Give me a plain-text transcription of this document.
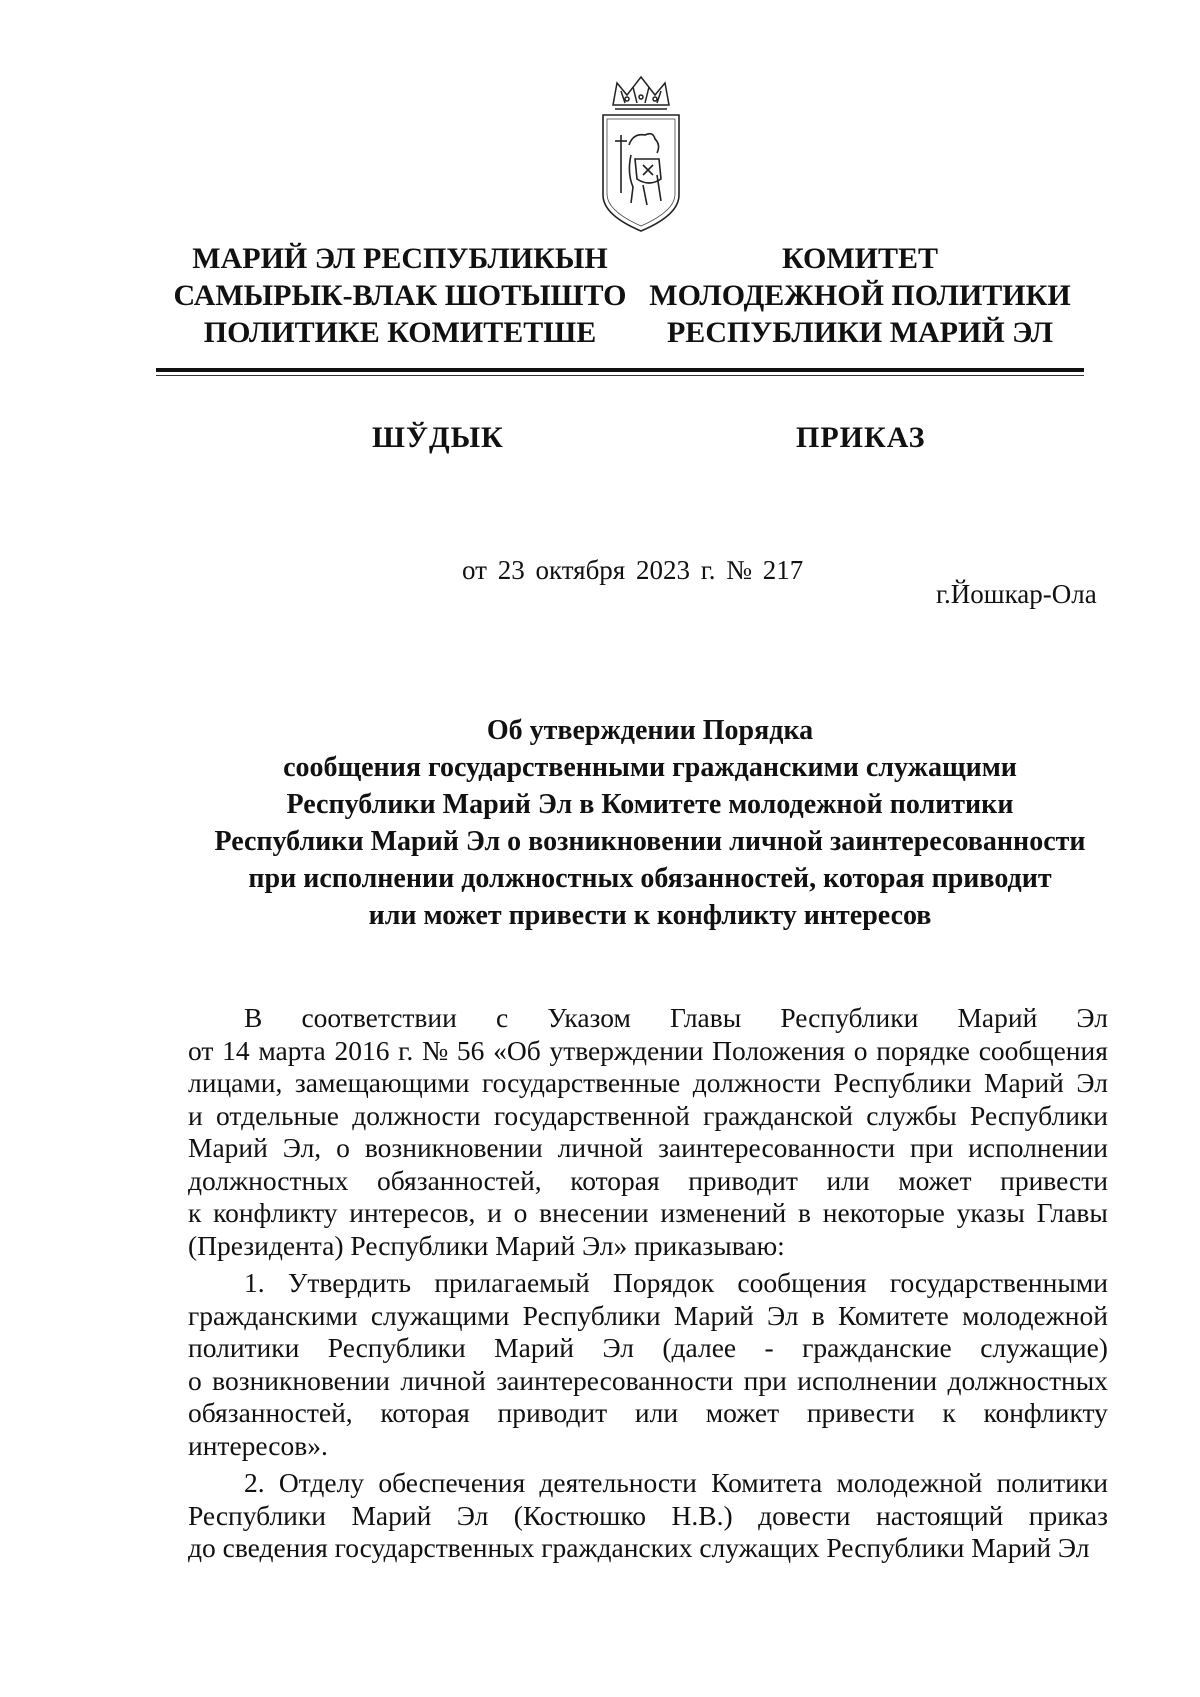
МАРИЙ ЭЛ РЕСПУБЛИКЫН
САМЫРЫК-ВЛАК ШОТЫШТО
ПОЛИТИКЕ КОМИТЕТШЕ
КОМИТЕТ
МОЛОДЕЖНОЙ ПОЛИТИКИ
РЕСПУБЛИКИ МАРИЙ ЭЛ
ШЎДЫК	ПРИКАЗ
от 23 октября 2023 г. № 217
г.Йошкар-Ола
Об утверждении Порядка
сообщения государственными гражданскими служащими
Республики Марий Эл в Комитете молодежной политики
Республики Марий Эл о возникновении личной заинтересованности
при исполнении должностных обязанностей, которая приводит
или может привести к конфликту интересов
В соответствии с Указом Главы Республики Марий Эл
от 14 марта 2016 г. № 56 «Об утверждении Положения о порядке сообщения
лицами, замещающими государственные должности Республики Марий Эл
и отдельные должности государственной гражданской службы Республики
Марий Эл, о возникновении личной заинтересованности при исполнении
должностных обязанностей, которая приводит или может привести
к конфликту интересов, и о внесении изменений в некоторые указы Главы
(Президента) Республики Марий Эл» приказываю:
1. Утвердить прилагаемый Порядок сообщения государственными
гражданскими служащими Республики Марий Эл в Комитете молодежной
политики Республики Марий Эл (далее - гражданские служащие)
о возникновении личной заинтересованности при исполнении должностных
обязанностей, которая приводит или может привести к конфликту
интересов».
2. Отделу обеспечения деятельности Комитета молодежной политики
Республики Марий Эл (Костюшко Н.В.) довести настоящий приказ
до сведения государственных гражданских служащих Республики Марий Эл
